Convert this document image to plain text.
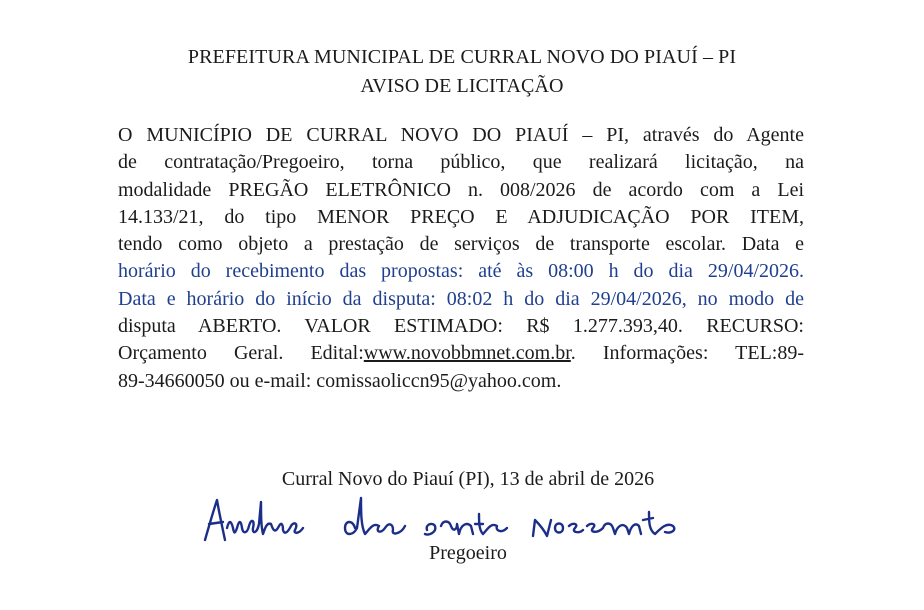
PREFEITURA MUNICIPAL DE CURRAL NOVO DO PIAUÍ – PI
AVISO DE LICITAÇÃO
O MUNICÍPIO DE CURRAL NOVO DO PIAUÍ – PI, através do Agente
de contratação/Pregoeiro, torna público, que realizará licitação, na
modalidade PREGÃO ELETRÔNICO n. 008/2026 de acordo com a Lei
14.133/21, do tipo MENOR PREÇO E ADJUDICAÇÃO POR ITEM,
tendo como objeto a prestação de serviços de transporte escolar. Data e
horário do recebimento das propostas: até às 08:00 h do dia 29/04/2026.
Data e horário do início da disputa: 08:02 h do dia 29/04/2026, no modo de
disputa ABERTO. VALOR ESTIMADO: R$ 1.277.393,40. RECURSO:
Orçamento Geral. Edital:www.novobbmnet.com.br. Informações: TEL:89-
89-34660050 ou e-mail: comissaoliccn95@yahoo.com.
Curral Novo do Piauí (PI), 13 de abril de 2026
Pregoeiro
